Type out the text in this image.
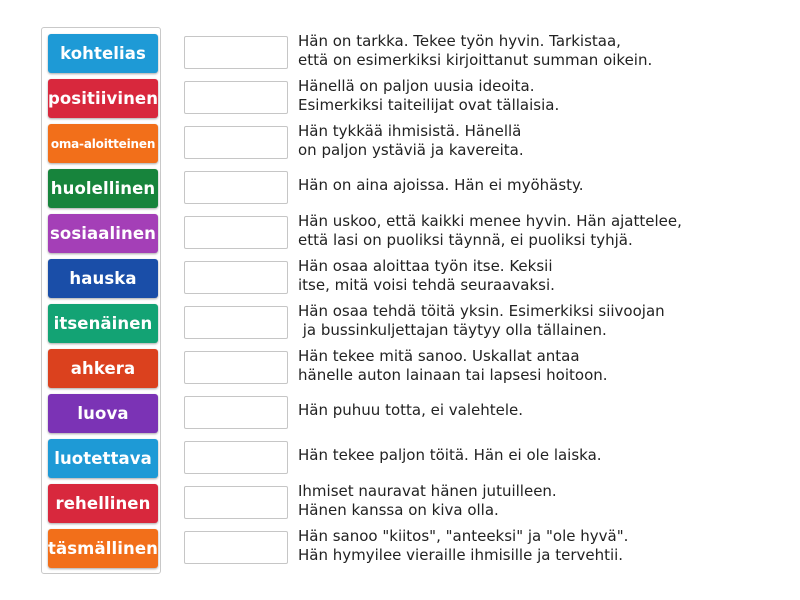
kohtelias
positiivinen
oma-aloitteinen
huolellinen
sosiaalinen
hauska
itsenäinen
ahkera
luova
luotettava
rehellinen
täsmällinen
Hän on tarkka. Tekee työn hyvin. Tarkistaa,
että on esimerkiksi kirjoittanut summan oikein.
Hänellä on paljon uusia ideoita.
Esimerkiksi taiteilijat ovat tällaisia.
Hän tykkää ihmisistä. Hänellä
on paljon ystäviä ja kavereita.
Hän on aina ajoissa. Hän ei myöhästy.
Hän uskoo, että kaikki menee hyvin. Hän ajattelee,
että lasi on puoliksi täynnä, ei puoliksi tyhjä.
Hän osaa aloittaa työn itse. Keksii
itse, mitä voisi tehdä seuraavaksi.
Hän osaa tehdä töitä yksin. Esimerkiksi siivoojan
ja bussinkuljettajan täytyy olla tällainen.
Hän tekee mitä sanoo. Uskallat antaa
hänelle auton lainaan tai lapsesi hoitoon.
Hän puhuu totta, ei valehtele.
Hän tekee paljon töitä. Hän ei ole laiska.
Ihmiset nauravat hänen jutuilleen.
Hänen kanssa on kiva olla.
Hän sanoo "kiitos", "anteeksi" ja "ole hyvä".
Hän hymyilee vieraille ihmisille ja tervehtii.
